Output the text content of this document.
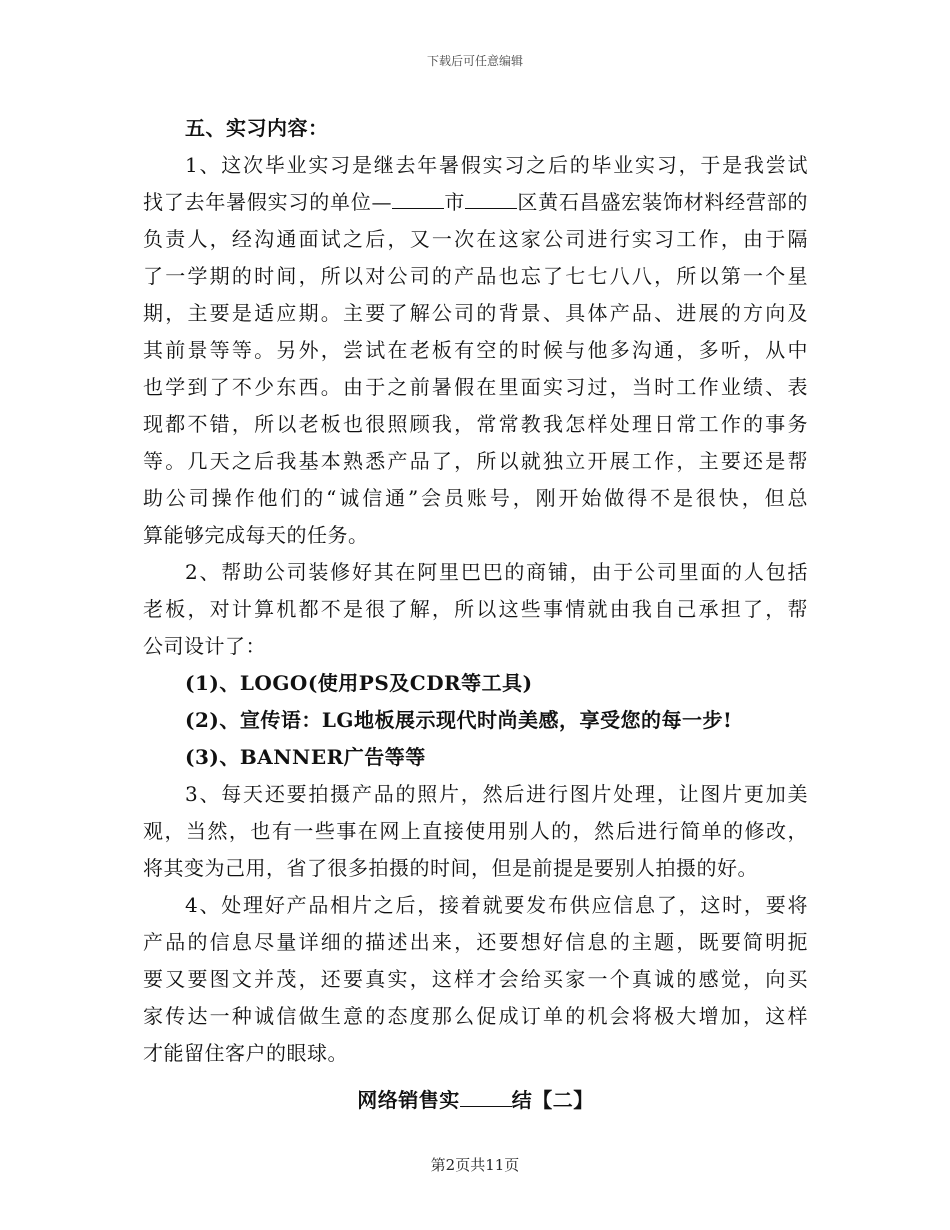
下载后可任意编辑
五、实习内容：
1、这次毕业实习是继去年暑假实习之后的毕业实习，于是我尝试
找了去年暑假实习的单位—	市	区黄石昌盛宏装饰材料经营部的
负责人，经沟通面试之后，又一次在这家公司进行实习工作，由于隔
了一学期的时间，所以对公司的产品也忘了七七八八，所以第一个星
期，主要是适应期。主要了解公司的背景、具体产品、进展的方向及
其前景等等。另外，尝试在老板有空的时候与他多沟通，多听，从中
也学到了不少东西。由于之前暑假在里面实习过，当时工作业绩、表
现都不错，所以老板也很照顾我，常常教我怎样处理日常工作的事务
等。几天之后我基本熟悉产品了，所以就独立开展工作，主要还是帮
助公司操作他们的“诚信通”会员账号，刚开始做得不是很快，但总
算能够完成每天的任务。
2、帮助公司装修好其在阿里巴巴的商铺，由于公司里面的人包括
老板，对计算机都不是很了解，所以这些事情就由我自己承担了，帮
公司设计了：
(1)、LOGO(使用PS及CDR等工具)
(2)、宣传语：LG地板展示现代时尚美感，享受您的每一步!
(3)、BANNER广告等等
3、每天还要拍摄产品的照片，然后进行图片处理，让图片更加美
观，当然，也有一些事在网上直接使用别人的，然后进行简单的修改，
将其变为己用，省了很多拍摄的时间，但是前提是要别人拍摄的好。
4、处理好产品相片之后，接着就要发布供应信息了，这时，要将
产品的信息尽量详细的描述出来，还要想好信息的主题，既要简明扼
要又要图文并茂，还要真实，这样才会给买家一个真诚的感觉，向买
家传达一种诚信做生意的态度那么促成订单的机会将极大增加，这样
才能留住客户的眼球。
网络销售实	结【二】
第2页共11页
